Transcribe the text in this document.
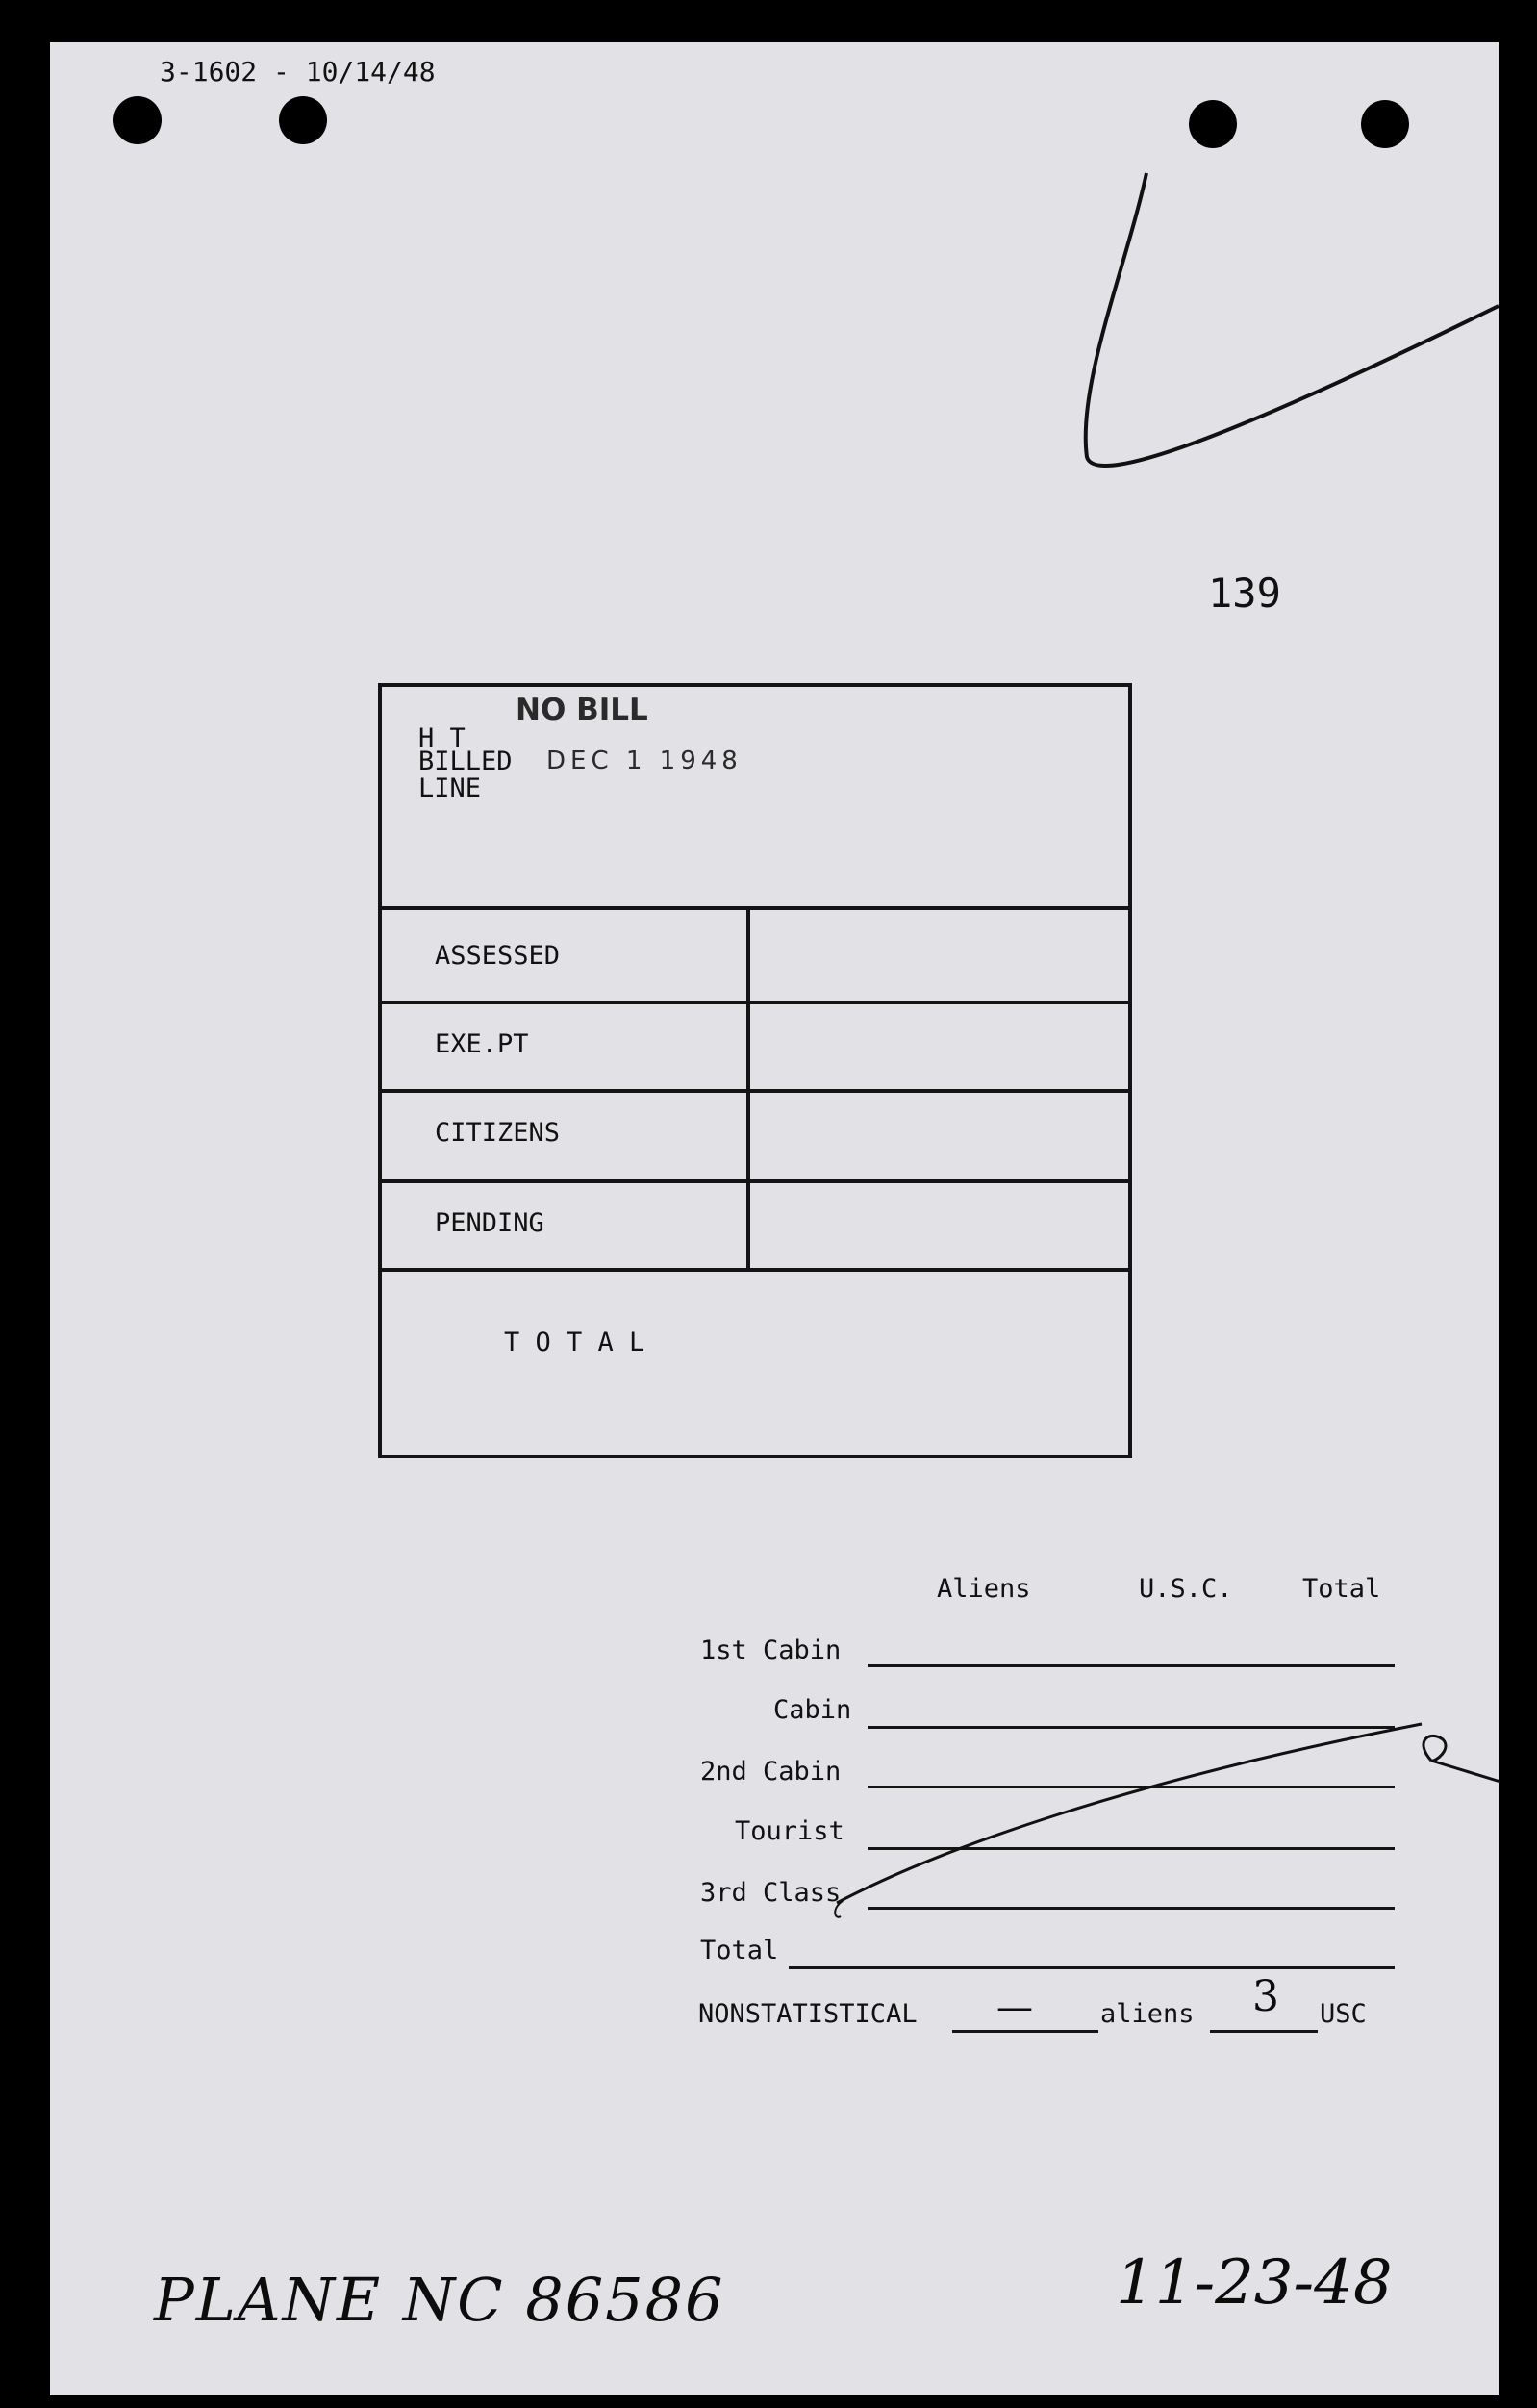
3-1602 - 10/14/48
139
H T
BILLED
LINE
NO BILL
DEC 1 1948
ASSESSED
EXE.PT
CITIZENS
PENDING
T O T A L
Aliens	U.S.C.	Total
1st Cabin
Cabin
2nd Cabin
Tourist
3rd Class
Total
NONSTATISTICAL —	aliens 3 USC
PLANE NC 86586	11-23-48
